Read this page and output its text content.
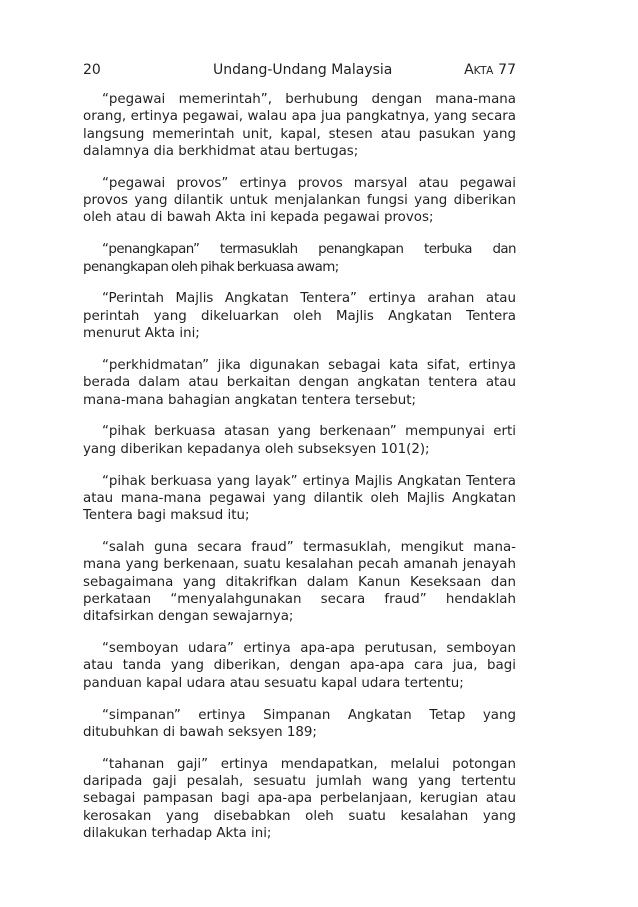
20	Undang-Undang Malaysia	AKTA 77

“pegawai memerintah”, berhubung dengan mana-mana orang, ertinya pegawai, walau apa jua pangkatnya, yang secara langsung memerintah unit, kapal, stesen atau pasukan yang dalamnya dia berkhidmat atau bertugas;

“pegawai provos” ertinya provos marsyal atau pegawai provos yang dilantik untuk menjalankan fungsi yang diberikan oleh atau di bawah Akta ini kepada pegawai provos;

“penangkapan” termasuklah penangkapan terbuka dan penangkapan oleh pihak berkuasa awam;

“Perintah Majlis Angkatan Tentera” ertinya arahan atau perintah yang dikeluarkan oleh Majlis Angkatan Tentera menurut Akta ini;

“perkhidmatan” jika digunakan sebagai kata sifat, ertinya berada dalam atau berkaitan dengan angkatan tentera atau mana-mana bahagian angkatan tentera tersebut;

“pihak berkuasa atasan yang berkenaan” mempunyai erti yang diberikan kepadanya oleh subseksyen 101(2);

“pihak berkuasa yang layak” ertinya Majlis Angkatan Tentera atau mana-mana pegawai yang dilantik oleh Majlis Angkatan Tentera bagi maksud itu;

“salah guna secara fraud” termasuklah, mengikut mana-mana yang berkenaan, suatu kesalahan pecah amanah jenayah sebagaimana yang ditakrifkan dalam Kanun Keseksaan dan perkataan “menyalahgunakan secara fraud” hendaklah ditafsirkan dengan sewajarnya;

“semboyan udara” ertinya apa-apa perutusan, semboyan atau tanda yang diberikan, dengan apa-apa cara jua, bagi panduan kapal udara atau sesuatu kapal udara tertentu;

“simpanan” ertinya Simpanan Angkatan Tetap yang ditubuhkan di bawah seksyen 189;

“tahanan gaji” ertinya mendapatkan, melalui potongan daripada gaji pesalah, sesuatu jumlah wang yang tertentu sebagai pampasan bagi apa-apa perbelanjaan, kerugian atau kerosakan yang disebabkan oleh suatu kesalahan yang dilakukan terhadap Akta ini;
